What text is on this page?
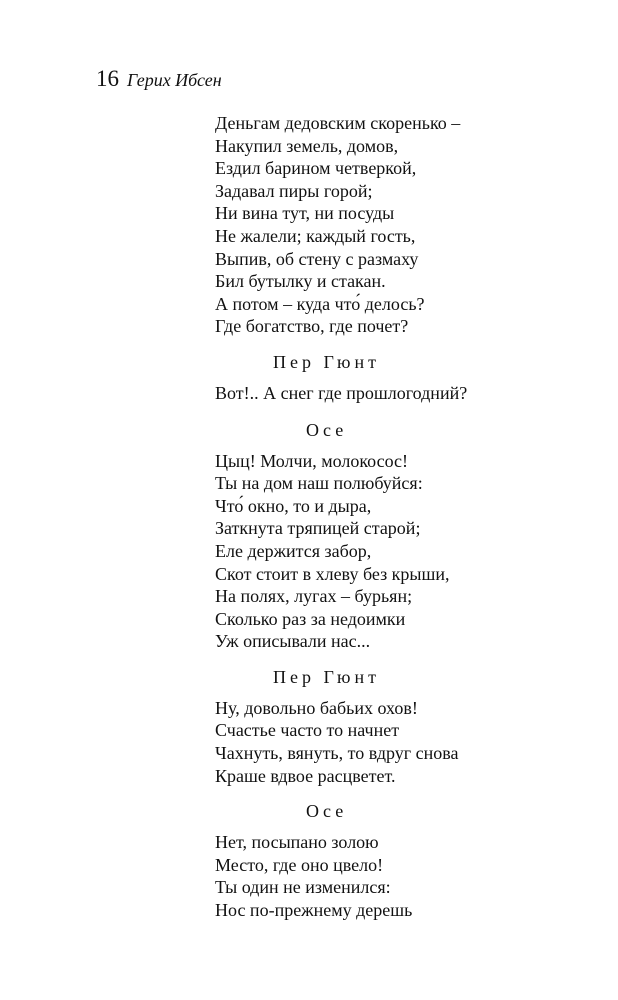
16 Герих Ибсен
Деньгам дедовским скоренько –
Накупил земель, домов,
Ездил барином четверкой,
Задавал пиры горой;
Ни вина тут, ни посуды
Не жалели; каждый гость,
Выпив, об стену с размаху
Бил бутылку и стакан.
А потом – куда что́ делось?
Где богатство, где почет?
Пер Гюнт
Вот!.. А снег где прошлогодний?
Осе
Цыц! Молчи, молокосос!
Ты на дом наш полюбуйся:
Что́ окно, то и дыра,
Заткнута тряпицей старой;
Еле держится забор,
Скот стоит в хлеву без крыши,
На полях, лугах – бурьян;
Сколько раз за недоимки
Уж описывали нас...
Пер Гюнт
Ну, довольно бабьих охов!
Счастье часто то начнет
Чахнуть, вянуть, то вдруг снова
Краше вдвое расцветет.
Осе
Нет, посыпано золою
Место, где оно цвело!
Ты один не изменился:
Нос по-прежнему дерешь
